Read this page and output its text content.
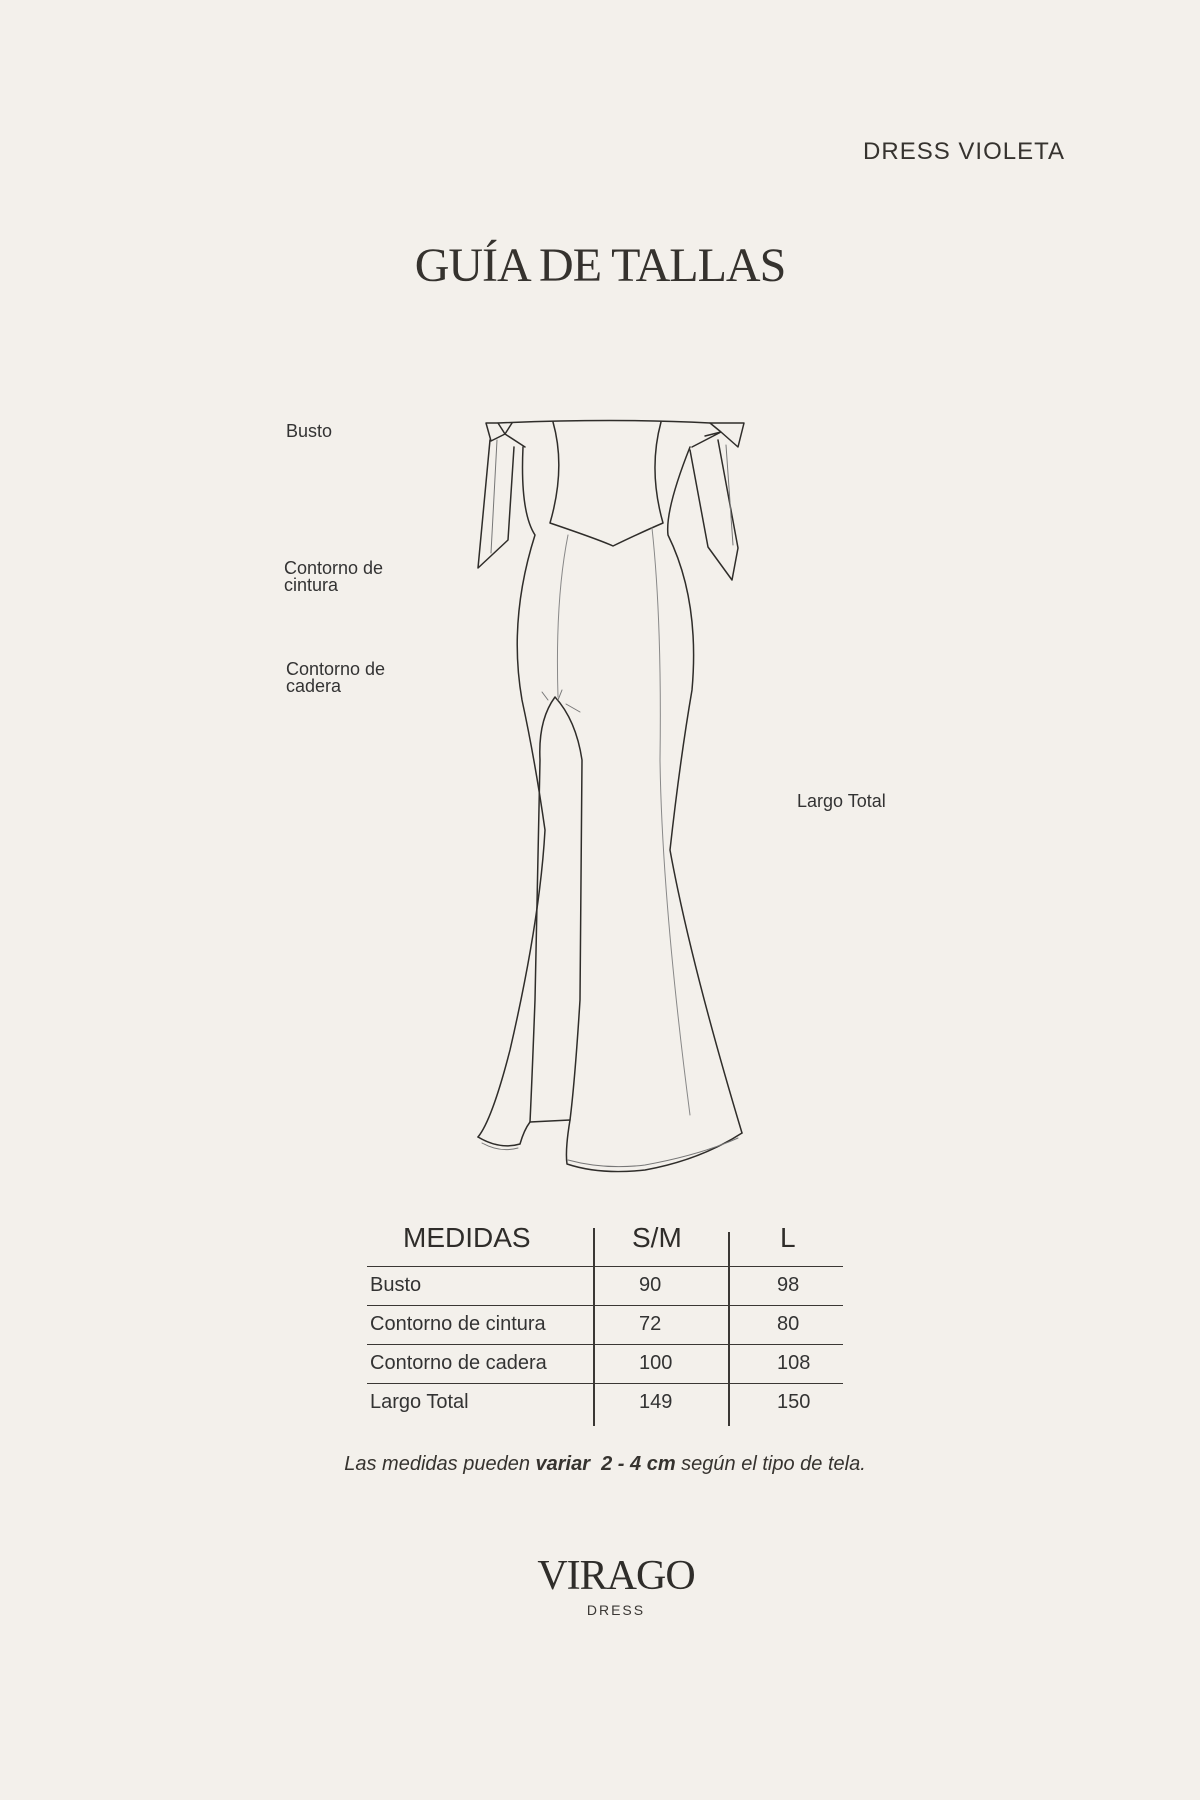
DRESS VIOLETA
GUÍA DE TALLAS
Busto
Contorno de
cintura
Contorno de
cadera
Largo Total
MEDIDAS	S/M	L
Busto	90	98
Contorno de cintura	72	80
Contorno de cadera	100	108
Largo Total	149	150
Las medidas pueden variar 2 - 4 cm según el tipo de tela.
VIRAGO
DRESS
